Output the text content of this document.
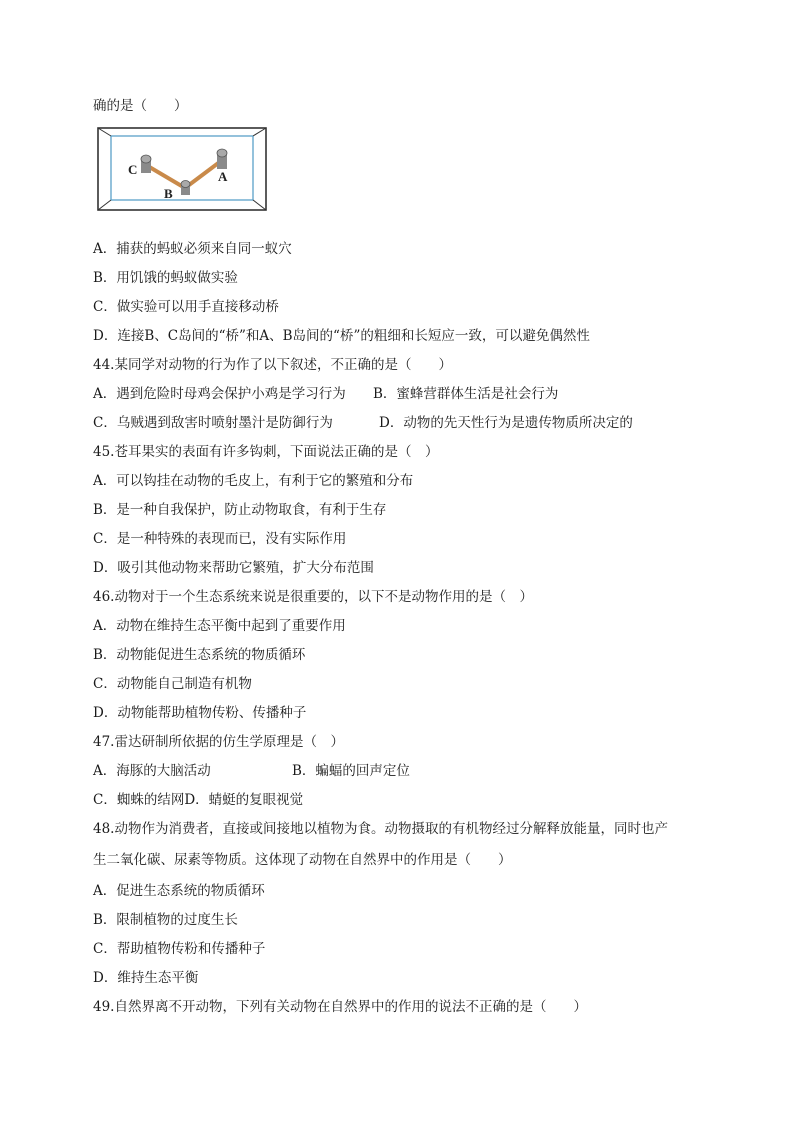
确的是（　　）
C
B
A
A．捕获的蚂蚁必须来自同一蚁穴
B．用饥饿的蚂蚁做实验
C．做实验可以用手直接移动桥
D．连接B、C岛间的“桥”和A、B岛间的“桥”的粗细和长短应一致，可以避免偶然性
44.某同学对动物的行为作了以下叙述，不正确的是（　　）
A．遇到危险时母鸡会保护小鸡是学习行为 B．蜜蜂营群体生活是社会行为
C．乌贼遇到敌害时喷射墨汁是防御行为	D．动物的先天性行为是遗传物质所决定的
45.苍耳果实的表面有许多钩刺，下面说法正确的是（　）
A．可以钩挂在动物的毛皮上，有利于它的繁殖和分布
B．是一种自我保护，防止动物取食，有利于生存
C．是一种特殊的表现而已，没有实际作用
D．吸引其他动物来帮助它繁殖，扩大分布范围
46.动物对于一个生态系统来说是很重要的，以下不是动物作用的是（　）
A．动物在维持生态平衡中起到了重要作用
B．动物能促进生态系统的物质循环
C．动物能自己制造有机物
D．动物能帮助植物传粉、传播种子
47.雷达研制所依据的仿生学原理是（　）
A．海豚的大脑活动	B．蝙蝠的回声定位
C．蜘蛛的结网D．蜻蜓的复眼视觉
48.动物作为消费者，直接或间接地以植物为食。动物摄取的有机物经过分解释放能量，同时也产
生二氧化碳、尿素等物质。这体现了动物在自然界中的作用是（　　）
A．促进生态系统的物质循环
B．限制植物的过度生长
C．帮助植物传粉和传播种子
D．维持生态平衡
49.自然界离不开动物，下列有关动物在自然界中的作用的说法不正确的是（　　）
